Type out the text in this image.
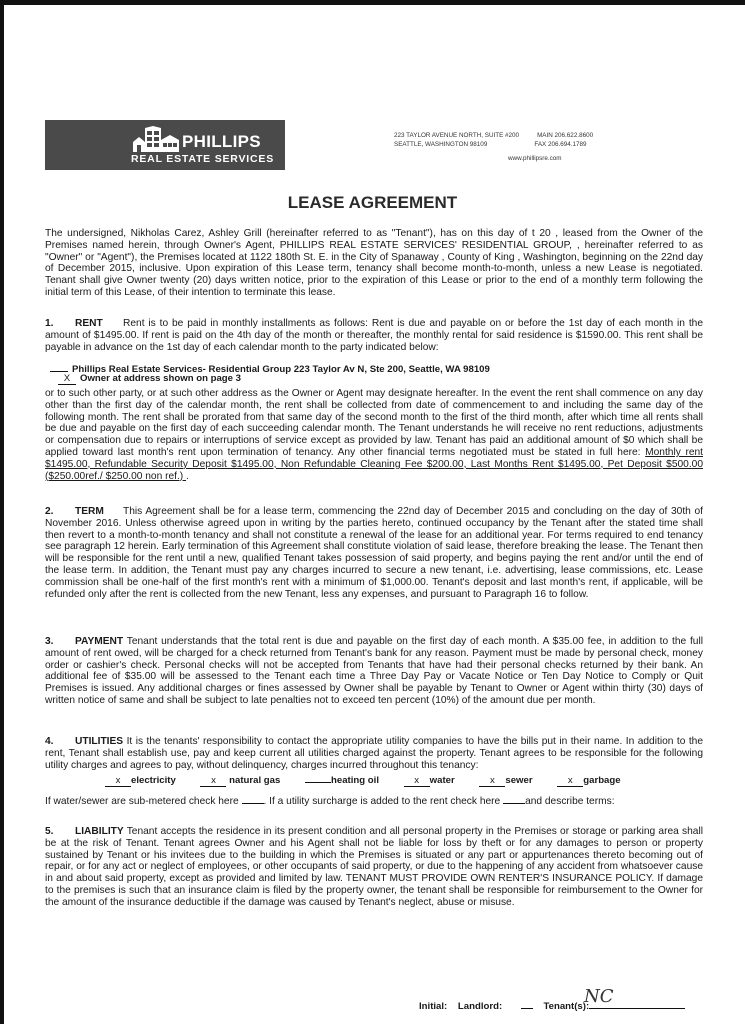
PHILLIPS
REAL ESTATE SERVICES
223 TAYLOR AVENUE NORTH, SUITE #200	MAIN 206.622.8600
SEATTLE, WASHINGTON 98109	FAX 206.694.1789
www.phillipsre.com
LEASE AGREEMENT
The undersigned, Nikholas Carez, Ashley Grill (hereinafter referred to as "Tenant"), has on this day of t 20 , leased from the Owner of the Premises named herein, through Owner's Agent, PHILLIPS REAL ESTATE SERVICES' RESIDENTIAL GROUP, , hereinafter referred to as "Owner" or "Agent"), the Premises located at 1122 180th St. E. in the City of Spanaway , County of King , Washington, beginning on the 22nd day of December 2015, inclusive. Upon expiration of this Lease term, tenancy shall become month-to-month, unless a new Lease is negotiated. Tenant shall give Owner twenty (20) days written notice, prior to the expiration of this Lease or prior to the end of a monthly term following the initial term of this Lease, of their intention to terminate this lease.
1. RENT Rent is to be paid in monthly installments as follows: Rent is due and payable on or before the 1st day of each month in the amount of $1495.00. If rent is paid on the 4th day of the month or thereafter, the monthly rental for said residence is $1590.00. This rent shall be payable in advance on the 1st day of each calendar month to the party indicated below:
Phillips Real Estate Services- Residential Group 223 Taylor Av N, Ste 200, Seattle, WA 98109
X Owner at address shown on page 3
or to such other party, or at such other address as the Owner or Agent may designate hereafter. In the event the rent shall commence on any day other than the first day of the calendar month, the rent shall be collected from date of commencement to and including the same day of the following month. The rent shall be prorated from that same day of the second month to the first of the third month, after which time all rents shall be due and payable on the first day of each succeeding calendar month. The Tenant understands he will receive no rent reductions, adjustments or compensation due to repairs or interruptions of service except as provided by law. Tenant has paid an additional amount of $0 which shall be applied toward last month's rent upon termination of tenancy. Any other financial terms negotiated must be stated in full here: Monthly rent $1495.00, Refundable Security Deposit $1495.00, Non Refundable Cleaning Fee $200.00, Last Months Rent $1495.00, Pet Deposit $500.00 ($250.00ref./ $250.00 non ref.) .
2. TERM This Agreement shall be for a lease term, commencing the 22nd day of December 2015 and concluding on the day of 30th of November 2016. Unless otherwise agreed upon in writing by the parties hereto, continued occupancy by the Tenant after the stated time shall then revert to a month-to-month tenancy and shall not constitute a renewal of the lease for an additional year. For terms required to end tenancy see paragraph 12 herein. Early termination of this Agreement shall constitute violation of said lease, therefore breaking the lease. The Tenant then will be responsible for the rent until a new, qualified Tenant takes possession of said property, and begins paying the rent and/or until the end of the lease term. In addition, the Tenant must pay any charges incurred to secure a new tenant, i.e. advertising, lease commissions, etc. Lease commission shall be one-half of the first month's rent with a minimum of $1,000.00. Tenant's deposit and last month's rent, if applicable, will be refunded only after the rent is collected from the new Tenant, less any expenses, and pursuant to Paragraph 16 to follow.
3. PAYMENT Tenant understands that the total rent is due and payable on the first day of each month. A $35.00 fee, in addition to the full amount of rent owed, will be charged for a check returned from Tenant's bank for any reason. Payment must be made by personal check, money order or cashier's check. Personal checks will not be accepted from Tenants that have had their personal checks returned by their bank. An additional fee of $35.00 will be assessed to the Tenant each time a Three Day Pay or Vacate Notice or Ten Day Notice to Comply or Quit Premises is issued. Any additional charges or fines assessed by Owner shall be payable by Tenant to Owner or Agent within thirty (30) days of written notice of same and shall be subject to late penalties not to exceed ten percent (10%) of the amount due per month.
4. UTILITIES It is the tenants' responsibility to contact the appropriate utility companies to have the bills put in their name. In addition to the rent, Tenant shall establish use, pay and keep current all utilities charged against the property. Tenant agrees to be responsible for the following utility charges and agrees to pay, without delinquency, charges incurred throughout this tenancy:
x electricity	x natural gas	heating oil	x water	x sewer	x garbage
If water/sewer are sub-metered check here . If a utility surcharge is added to the rent check here and describe terms:
5. LIABILITY Tenant accepts the residence in its present condition and all personal property in the Premises or storage or parking area shall be at the risk of Tenant. Tenant agrees Owner and his Agent shall not be liable for loss by theft or for any damages to person or property sustained by Tenant or his invitees due to the building in which the Premises is situated or any part or appurtenances thereto becoming out of repair, or for any act or neglect of employees, or other occupants of said property, or due to the happening of any accident from whatsoever cause in and about said property, except as provided and limited by law. TENANT MUST PROVIDE OWN RENTER'S INSURANCE POLICY. If damage to the premises is such that an insurance claim is filed by the property owner, the tenant shall be responsible for reimbursement to the Owner for the amount of the insurance deductible if the damage was caused by Tenant's neglect, abuse or misuse.
Initial: Landlord:	Tenant(s):
NC
